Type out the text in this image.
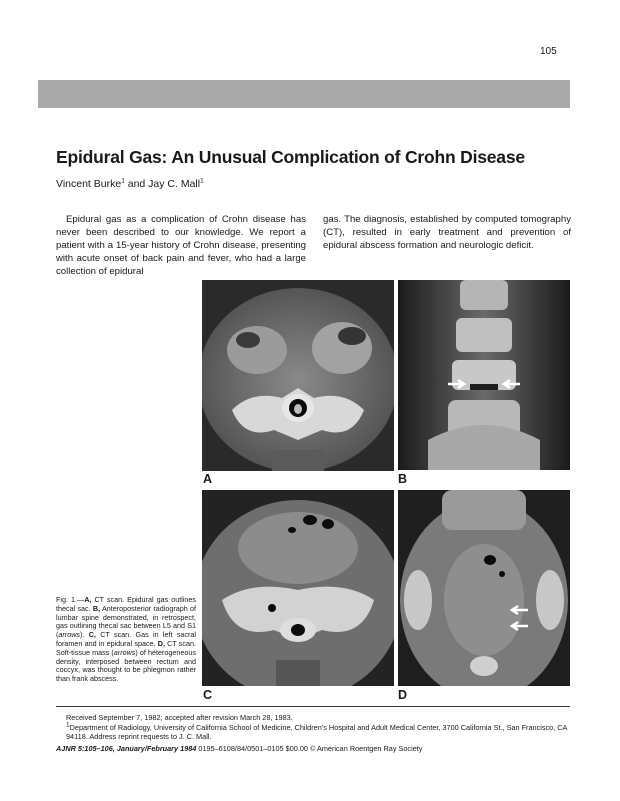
105
Epidural Gas: An Unusual Complication of Crohn Disease
Vincent Burke$^1$ and Jay C. Mall$^1$
Epidural gas as a complication of Crohn disease has never been described to our knowledge. We report a patient with a 15-year history of Crohn disease, presenting with acute onset of back pain and fever, who had a large collection of epidural
gas. The diagnosis, established by computed tomography (CT), resulted in early treatment and prevention of epidural abscess formation and neurologic deficit.
A	B
C	D
Fig. 1.—A, CT scan. Epidural gas outlines thecal sac. B, Anteroposterior radiograph of lumbar spine demonstrated, in retrospect, gas outlining thecal sac between L5 and S1 (arrows). C, CT scan. Gas in left sacral foramen and in epidural space. D, CT scan. Soft-tissue mass (arrows) of heterogeneous density, interposed between rectum and coccyx, was thought to be phlegmon rather than frank abscess.
Received September 7, 1982; accepted after revision March 28, 1983.
1Department of Radiology, University of California School of Medicine, Children’s Hospital and Adult Medical Center, 3700 California St., San Francisco, CA 94118. Address reprint requests to J. C. Mall.
AJNR 5:105–106, January/February 1984 0195–6108/84/0501–0105 $00.00 © American Roentgen Ray Society
